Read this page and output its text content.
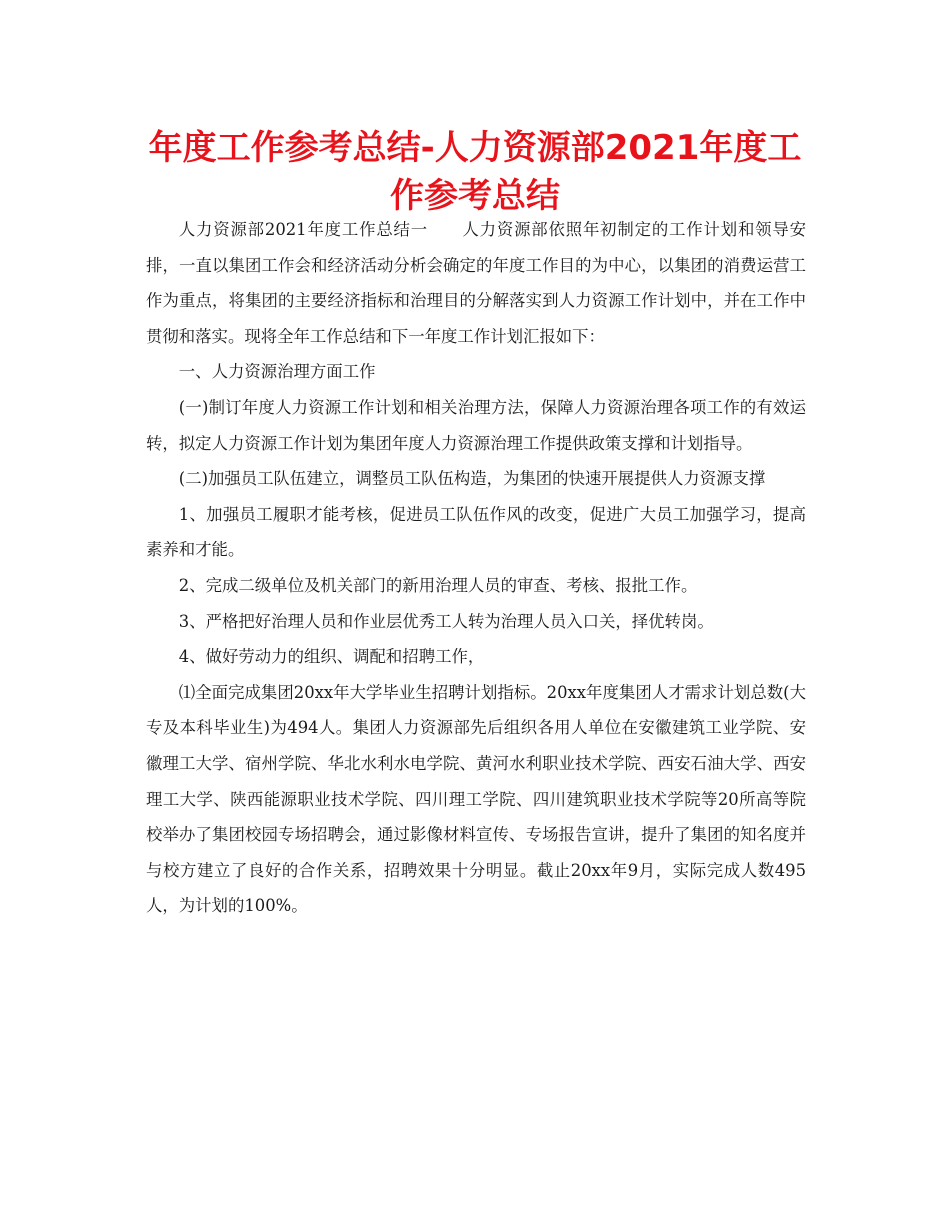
年度工作参考总结-人力资源部2021年度工作参考总结

人力资源部2021年度工作总结一　　人力资源部依照年初制定的工作计划和领导安排，一直以集团工作会和经济活动分析会确定的年度工作目的为中心，以集团的消费运营工作为重点，将集团的主要经济指标和治理目的分解落实到人力资源工作计划中，并在工作中贯彻和落实。现将全年工作总结和下一年度工作计划汇报如下：

一、人力资源治理方面工作

(一)制订年度人力资源工作计划和相关治理方法，保障人力资源治理各项工作的有效运转，拟定人力资源工作计划为集团年度人力资源治理工作提供政策支撑和计划指导。

(二)加强员工队伍建立，调整员工队伍构造，为集团的快速开展提供人力资源支撑

1、加强员工履职才能考核，促进员工队伍作风的改变，促进广大员工加强学习，提高素养和才能。

2、完成二级单位及机关部门的新用治理人员的审查、考核、报批工作。

3、严格把好治理人员和作业层优秀工人转为治理人员入口关，择优转岗。

4、做好劳动力的组织、调配和招聘工作，

⑴全面完成集团20xx年大学毕业生招聘计划指标。20xx年度集团人才需求计划总数(大专及本科毕业生)为494人。集团人力资源部先后组织各用人单位在安徽建筑工业学院、安徽理工大学、宿州学院、华北水利水电学院、黄河水利职业技术学院、西安石油大学、西安理工大学、陕西能源职业技术学院、四川理工学院、四川建筑职业技术学院等20所高等院校举办了集团校园专场招聘会，通过影像材料宣传、专场报告宣讲，提升了集团的知名度并与校方建立了良好的合作关系，招聘效果十分明显。截止20xx年9月，实际完成人数495人，为计划的100%。
